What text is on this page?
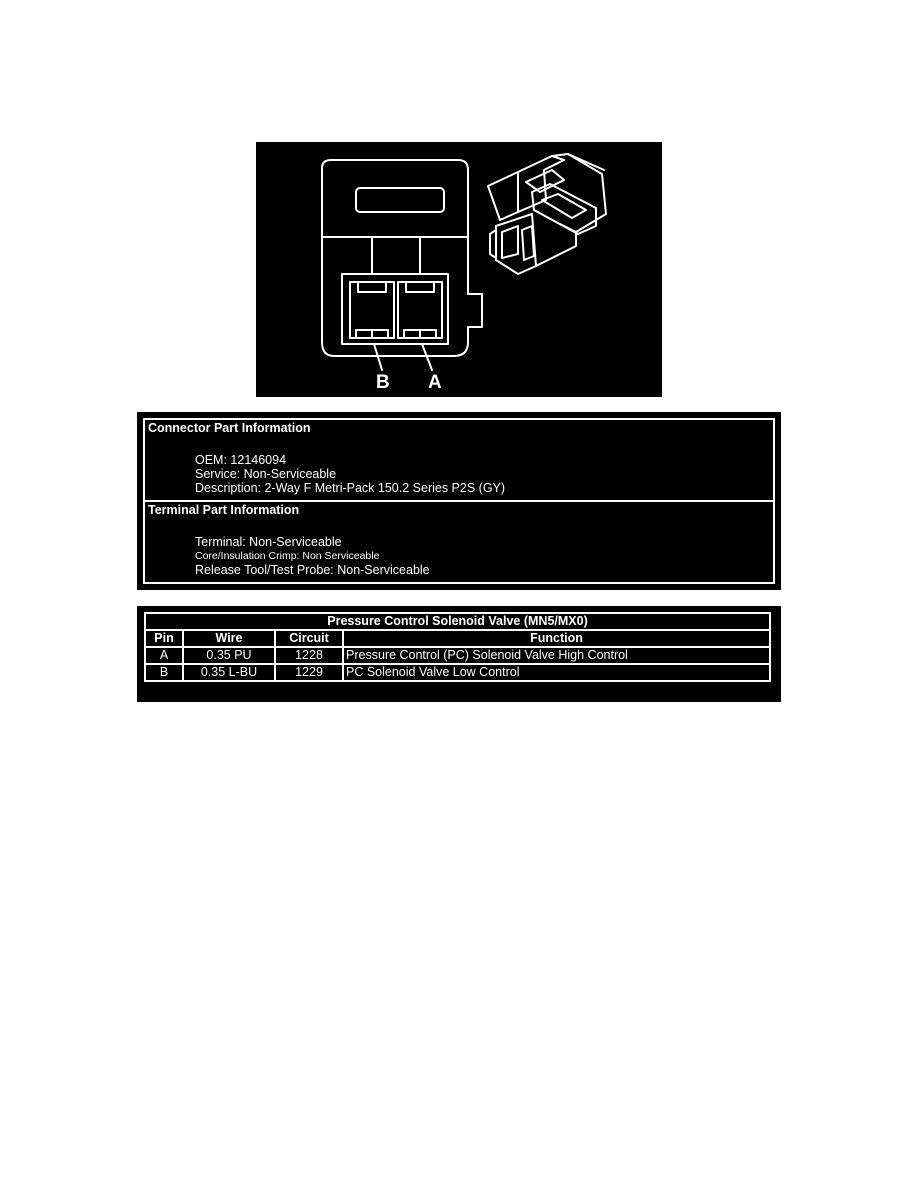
B A
Connector Part Information
OEM: 12146094
Service: Non-Serviceable
Description: 2-Way F Metri-Pack 150.2 Series P2S (GY)
Terminal Part Information
Terminal: Non-Serviceable
Core/Insulation Crimp: Non Serviceable
Release Tool/Test Probe: Non-Serviceable
Pressure Control Solenoid Valve (MN5/MX0)			
Pin	Wire	Circuit	Function
A	0.35 PU	1228	Pressure Control (PC) Solenoid Valve High Control
B	0.35 L-BU	1229	PC Solenoid Valve Low Control
